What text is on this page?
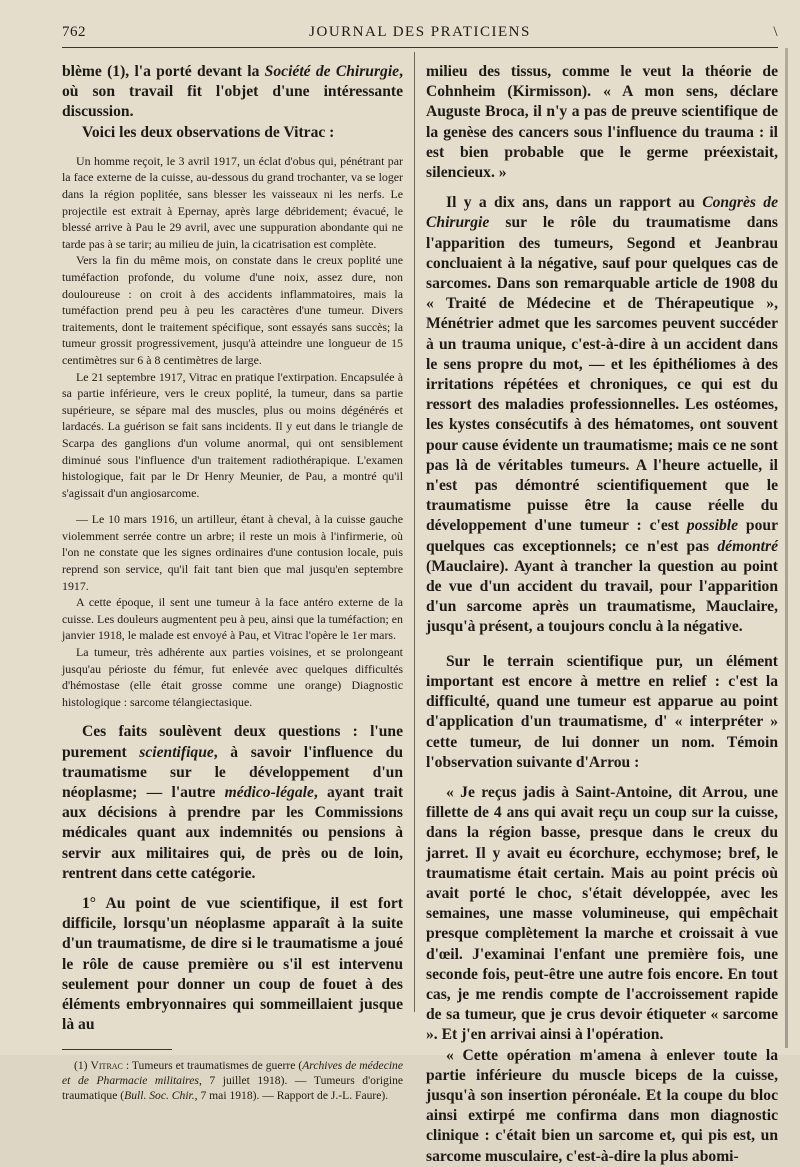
762	JOURNAL DES PRATICIENS	\

blème (1), l'a porté devant la Société de Chirurgie, où son travail fit l'objet d'une intéressante discussion.

Voici les deux observations de Vitrac :

Un homme reçoit, le 3 avril 1917, un éclat d'obus qui, pénétrant par la face externe de la cuisse, au-dessous du grand trochanter, va se loger dans la région poplitée, sans blesser les vaisseaux ni les nerfs. Le projectile est extrait à Epernay, après large débridement; évacué, le blessé arrive à Pau le 29 avril, avec une suppuration abondante qui ne tarde pas à se tarir; au milieu de juin, la cicatrisation est complète.

Vers la fin du même mois, on constate dans le creux poplité une tuméfaction profonde, du volume d'une noix, assez dure, non douloureuse : on croit à des accidents inflammatoires, mais la tuméfaction prend peu à peu les caractères d'une tumeur. Divers traitements, dont le traitement spécifique, sont essayés sans succès; la tumeur grossit progressivement, jusqu'à atteindre une longueur de 15 centimètres sur 6 à 8 centimètres de large.

Le 21 septembre 1917, Vitrac en pratique l'extirpation. Encapsulée à sa partie inférieure, vers le creux poplité, la tumeur, dans sa partie supérieure, se sépare mal des muscles, plus ou moins dégénérés et lardacés. La guérison se fait sans incidents. Il y eut dans le triangle de Scarpa des ganglions d'un volume anormal, qui ont sensiblement diminué sous l'influence d'un traitement radiothérapique. L'examen histologique, fait par le Dr Henry Meunier, de Pau, a montré qu'il s'agissait d'un angiosarcome.

— Le 10 mars 1916, un artilleur, étant à cheval, à la cuisse gauche violemment serrée contre un arbre; il reste un mois à l'infirmerie, où l'on ne constate que les signes ordinaires d'une contusion locale, puis reprend son service, qu'il fait tant bien que mal jusqu'en septembre 1917.

A cette époque, il sent une tumeur à la face antéro externe de la cuisse. Les douleurs augmentent peu à peu, ainsi que la tuméfaction; en janvier 1918, le malade est envoyé à Pau, et Vitrac l'opère le 1er mars.

La tumeur, très adhérente aux parties voisines, et se prolongeant jusqu'au périoste du fémur, fut enlevée avec quelques difficultés d'hémostase (elle était grosse comme une orange) Diagnostic histologique : sarcome télangiectasique.

Ces faits soulèvent deux questions : l'une purement scientifique, à savoir l'influence du traumatisme sur le développement d'un néoplasme; — l'autre médico-légale, ayant trait aux décisions à prendre par les Commissions médicales quant aux indemnités ou pensions à servir aux militaires qui, de près ou de loin, rentrent dans cette catégorie.

1° Au point de vue scientifique, il est fort difficile, lorsqu'un néoplasme apparaît à la suite d'un traumatisme, de dire si le traumatisme a joué le rôle de cause première ou s'il est intervenu seulement pour donner un coup de fouet à des éléments embryonnaires qui sommeillaient jusque là au

(1) Vitrac : Tumeurs et traumatismes de guerre (Archives de médecine et de Pharmacie militaires, 7 juillet 1918). — Tumeurs d'origine traumatique (Bull. Soc. Chir., 7 mai 1918). — Rapport de J.-L. Faure).

milieu des tissus, comme le veut la théorie de Cohnheim (Kirmisson). « A mon sens, déclare Auguste Broca, il n'y a pas de preuve scientifique de la genèse des cancers sous l'influence du trauma : il est bien probable que le germe préexistait, silencieux. »

Il y a dix ans, dans un rapport au Congrès de Chirurgie sur le rôle du traumatisme dans l'apparition des tumeurs, Segond et Jeanbrau concluaient à la négative, sauf pour quelques cas de sarcomes. Dans son remarquable article de 1908 du « Traité de Médecine et de Thérapeutique », Ménétrier admet que les sarcomes peuvent succéder à un trauma unique, c'est-à-dire à un accident dans le sens propre du mot, — et les épithéliomes à des irritations répétées et chroniques, ce qui est du ressort des maladies professionnelles. Les ostéomes, les kystes consécutifs à des hématomes, ont souvent pour cause évidente un traumatisme; mais ce ne sont pas là de véritables tumeurs. A l'heure actuelle, il n'est pas démontré scientifiquement que le traumatisme puisse être la cause réelle du développement d'une tumeur : c'est possible pour quelques cas exceptionnels; ce n'est pas démontré (Mauclaire). Ayant à trancher la question au point de vue d'un accident du travail, pour l'apparition d'un sarcome après un traumatisme, Mauclaire, jusqu'à présent, a toujours conclu à la négative.

Sur le terrain scientifique pur, un élément important est encore à mettre en relief : c'est la difficulté, quand une tumeur est apparue au point d'application d'un traumatisme, d' « interpréter » cette tumeur, de lui donner un nom. Témoin l'observation suivante d'Arrou :

« Je reçus jadis à Saint-Antoine, dit Arrou, une fillette de 4 ans qui avait reçu un coup sur la cuisse, dans la région basse, presque dans le creux du jarret. Il y avait eu écorchure, ecchymose; bref, le traumatisme était certain. Mais au point précis où avait porté le choc, s'était développée, avec les semaines, une masse volumineuse, qui empêchait presque complètement la marche et croissait à vue d'œil. J'examinai l'enfant une première fois, une seconde fois, peut-être une autre fois encore. En tout cas, je me rendis compte de l'accroissement rapide de sa tumeur, que je crus devoir étiqueter « sarcome ». Et j'en arrivai ainsi à l'opération.

« Cette opération m'amena à enlever toute la partie inférieure du muscle biceps de la cuisse, jusqu'à son insertion péronéale. Et la coupe du bloc ainsi extirpé me confirma dans mon diagnostic clinique : c'était bien un sarcome et, qui pis est, un sarcome musculaire, c'est-à-dire la plus abomi-
